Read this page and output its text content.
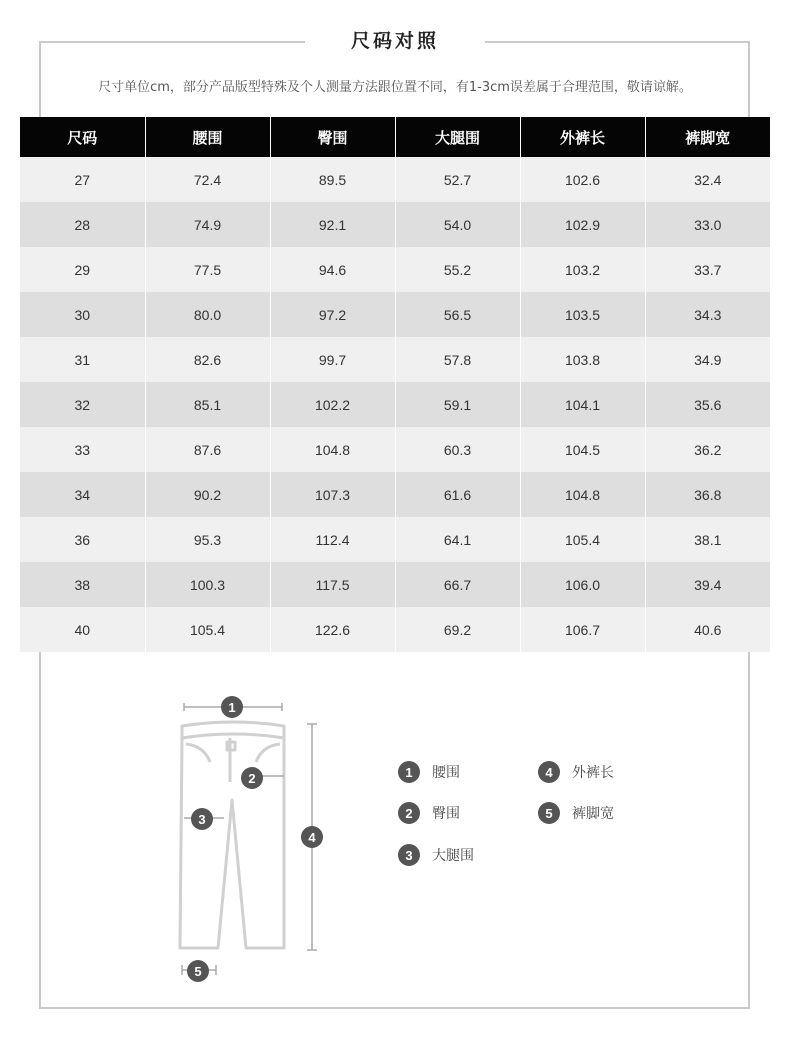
尺码对照
尺寸单位cm，部分产品版型特殊及个人测量方法跟位置不同，有1-3cm误差属于合理范围，敬请谅解。
尺码	腰围	臀围	大腿围	外裤长	裤脚宽
27	72.4	89.5	52.7	102.6	32.4
28	74.9	92.1	54.0	102.9	33.0
29	77.5	94.6	55.2	103.2	33.7
30	80.0	97.2	56.5	103.5	34.3
31	82.6	99.7	57.8	103.8	34.9
32	85.1	102.2	59.1	104.1	35.6
33	87.6	104.8	60.3	104.5	36.2
34	90.2	107.3	61.6	104.8	36.8
36	95.3	112.4	64.1	105.4	38.1
38	100.3	117.5	66.7	106.0	39.4
40	105.4	122.6	69.2	106.7	40.6
1
2
3
4
5
1	腰围
2	臀围
3	大腿围
4	外裤长
5	裤脚宽
